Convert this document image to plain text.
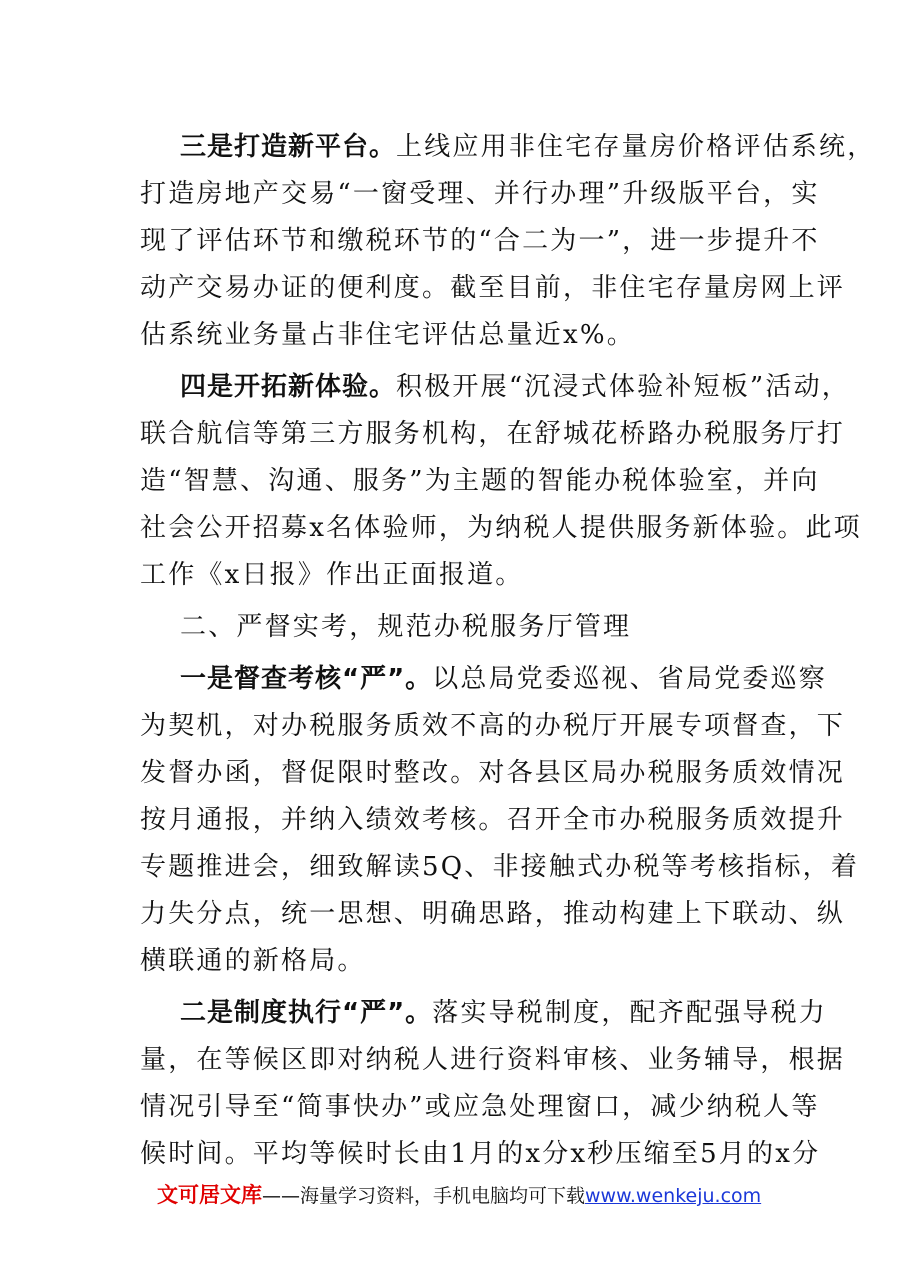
三是打造新平台。上线应用非住宅存量房价格评估系统，
打造房地产交易“一窗受理、并行办理”升级版平台，实
现了评估环节和缴税环节的“合二为一”，进一步提升不
动产交易办证的便利度。截至目前，非住宅存量房网上评
估系统业务量占非住宅评估总量近x%。
四是开拓新体验。积极开展“沉浸式体验补短板”活动，
联合航信等第三方服务机构，在舒城花桥路办税服务厅打
造“智慧、沟通、服务”为主题的智能办税体验室，并向
社会公开招募x名体验师，为纳税人提供服务新体验。此项
工作《x日报》作出正面报道。
二、严督实考，规范办税服务厅管理
一是督查考核“严”。以总局党委巡视、省局党委巡察
为契机，对办税服务质效不高的办税厅开展专项督查，下
发督办函，督促限时整改。对各县区局办税服务质效情况
按月通报，并纳入绩效考核。召开全市办税服务质效提升
专题推进会，细致解读5Q、非接触式办税等考核指标，着
力失分点，统一思想、明确思路，推动构建上下联动、纵
横联通的新格局。
二是制度执行“严”。落实导税制度，配齐配强导税力
量，在等候区即对纳税人进行资料审核、业务辅导，根据
情况引导至“简事快办”或应急处理窗口，减少纳税人等
候时间。平均等候时长由1月的x分x秒压缩至5月的x分
文可居文库——海量学习资料，手机电脑均可下载www.wenkeju.com
